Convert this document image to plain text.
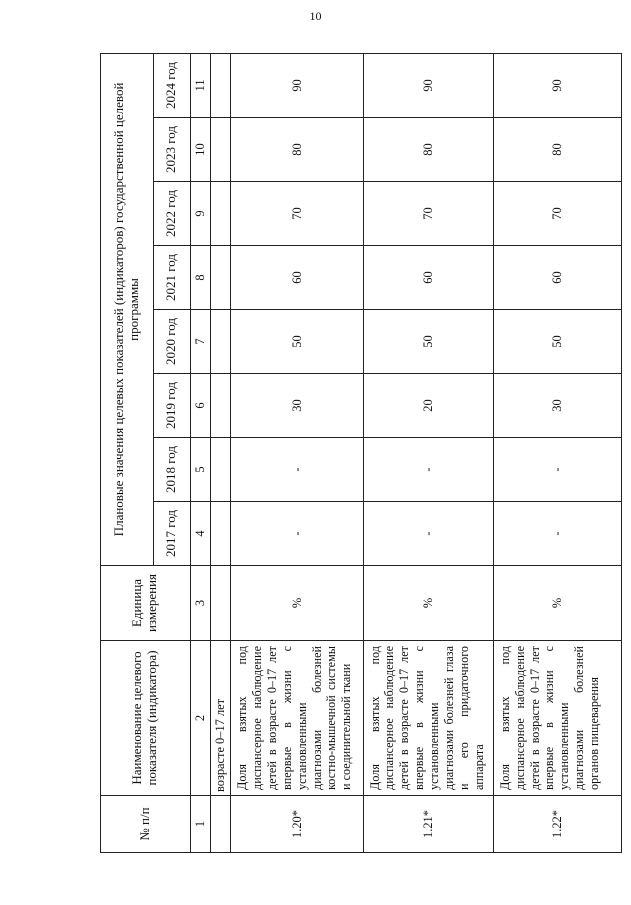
10
№ п/п	Наименование целевого показателя (индикатора)	Единица измерения	Плановые значения целевых показателей (индикаторов) государственной целевой программы							
			2017 год	2018 год	2019 год	2020 год	2021 год	2022 год	2023 год	2024 год
1	2	3	4	5	6	7	8	9	10	11
	возрасте 0–17 лет									
1.20*	Доля взятых под диспансерное наблюдение детей в возрасте 0–17 лет впервые в жизни с установленными диагнозами болезней костно-мышечной системы и соединительной ткани	%	-	-	30	50	60	70	80	90
1.21*	Доля взятых под диспансерное наблюдение детей в возрасте 0–17 лет впервые в жизни с установленными диагнозами болезней глаза и его придаточного аппарата	%	-	-	20	50	60	70	80	90
1.22*	Доля взятых под диспансерное наблюдение детей в возрасте 0–17 лет впервые в жизни с установленными диагнозами болезней органов пищеварения	%	-	-	30	50	60	70	80	90
